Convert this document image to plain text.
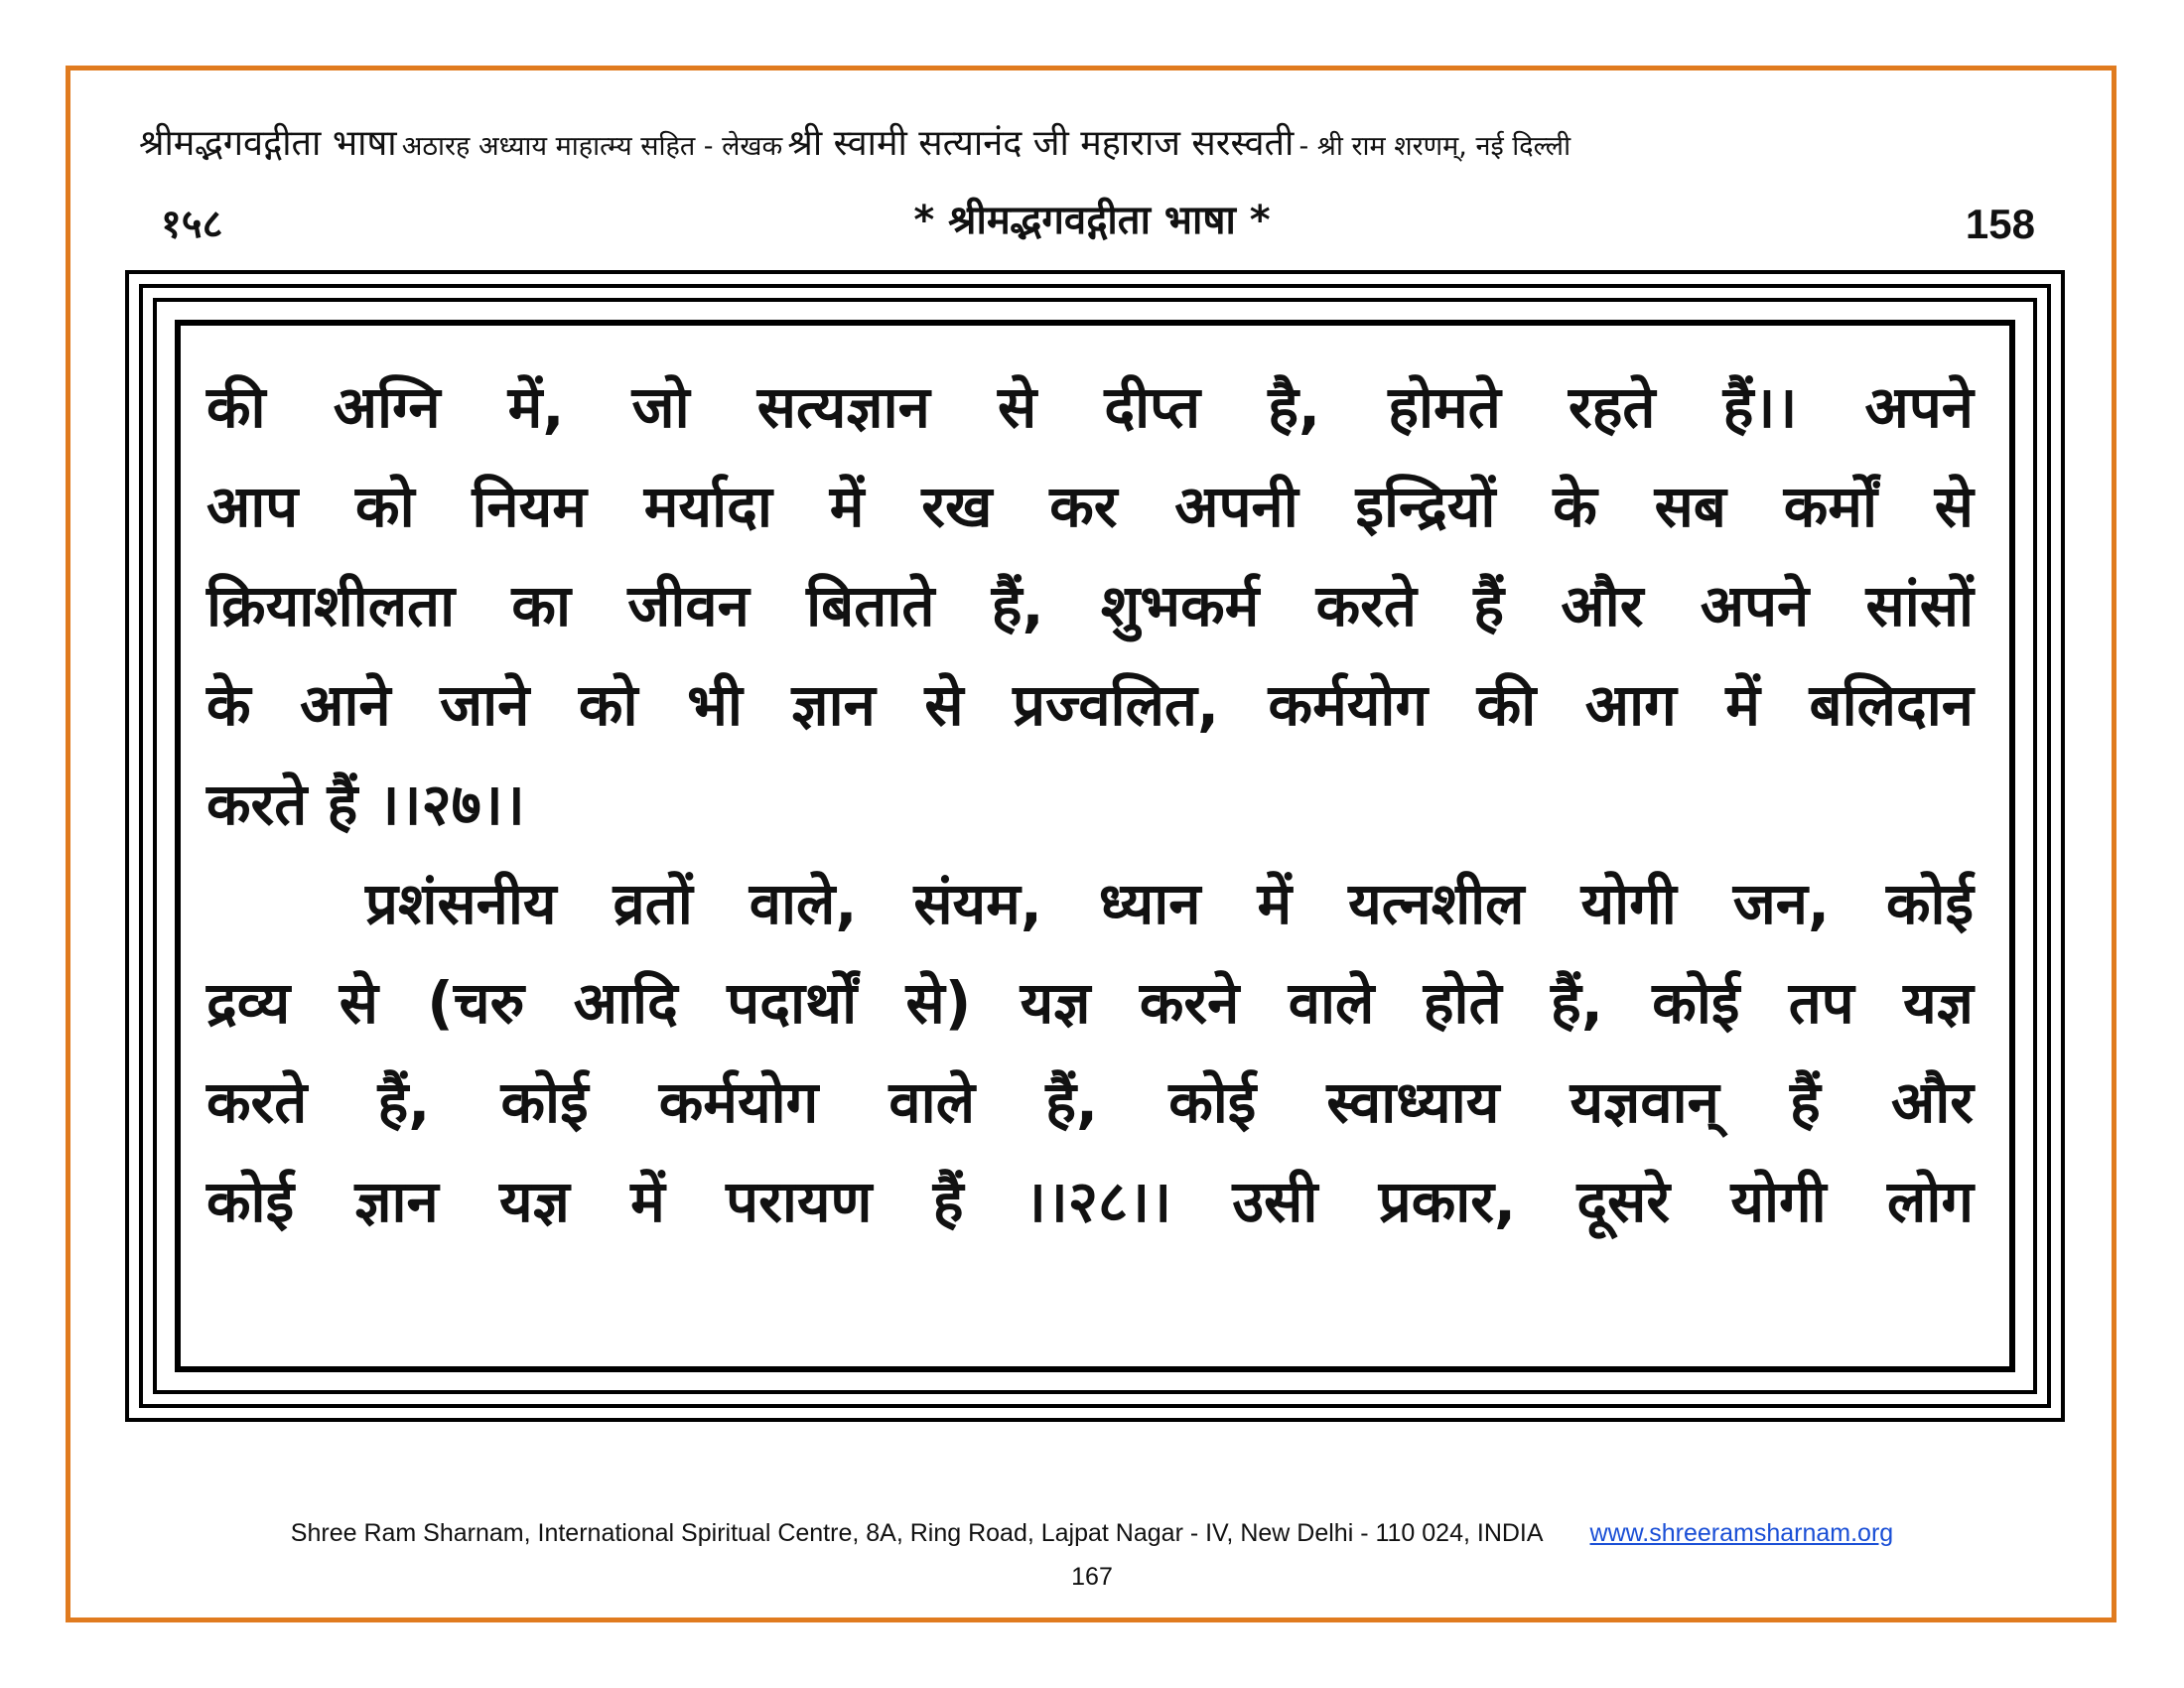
श्रीमद्भगवद्गीता भाषा अठारह अध्याय माहात्म्य सहित - लेखक श्री स्वामी सत्यानंद जी महाराज सरस्वती - श्री राम शरणम्, नई दिल्ली
१५८	* श्रीमद्भगवद्गीता भाषा *	158
की अग्नि में, जो सत्यज्ञान से दीप्त है, होमते रहते हैं।। अपने
आप को नियम मर्यादा में रख कर अपनी इन्द्रियों के सब कर्मों से
क्रियाशीलता का जीवन बिताते हैं, शुभकर्म करते हैं और अपने सांसों
के आने जाने को भी ज्ञान से प्रज्वलित, कर्मयोग की आग में बलिदान
करते हैं ।।२७।।
प्रशंसनीय व्रतों वाले, संयम, ध्यान में यत्नशील योगी जन, कोई
द्रव्य से (चरु आदि पदार्थों से) यज्ञ करने वाले होते हैं, कोई तप यज्ञ
करते हैं, कोई कर्मयोग वाले हैं, कोई स्वाध्याय यज्ञवान् हैं और
कोई ज्ञान यज्ञ में परायण हैं ।।२८।। उसी प्रकार, दूसरे योगी लोग
Shree Ram Sharnam, International Spiritual Centre, 8A, Ring Road, Lajpat Nagar - IV, New Delhi - 110 024, INDIA www.shreeramsharnam.org
167
